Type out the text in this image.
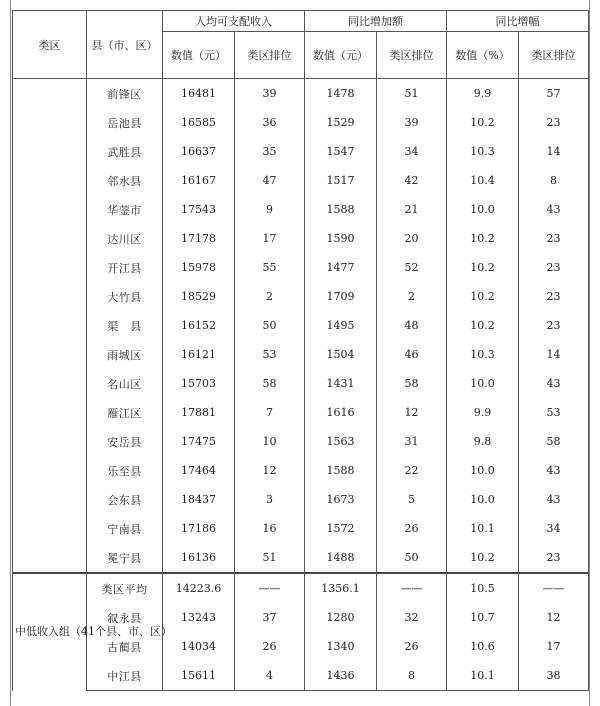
类区	县（市、区）	人均可支配收入		同比增加额		同比增幅	
		数值（元）	类区排位	数值（元）	类区排位	数值（%）	类区排位
	前锋区	16481	39	1478	51	9.9	57
	岳池县	16585	36	1529	39	10.2	23
	武胜县	16637	35	1547	34	10.3	14
	邻水县	16167	47	1517	42	10.4	8
	华蓥市	17543	9	1588	21	10.0	43
	达川区	17178	17	1590	20	10.2	23
	开江县	15978	55	1477	52	10.2	23
	大竹县	18529	2	1709	2	10.2	23
	渠　县	16152	50	1495	48	10.2	23
	雨城区	16121	53	1504	46	10.3	14
	名山区	15703	58	1431	58	10.0	43
	雁江区	17881	7	1616	12	9.9	53
	安岳县	17475	10	1563	31	9.8	58
	乐至县	17464	12	1588	22	10.0	43
	会东县	18437	3	1673	5	10.0	43
	宁南县	17186	16	1572	26	10.1	34
	冕宁县	16136	51	1488	50	10.2	23
中低收入组（41个县、市、区）	类区平均	14223.6	——	1356.1	——	10.5	——
	叙永县	13243	37	1280	32	10.7	12
	古蔺县	14034	26	1340	26	10.6	17
	中江县	15611	4	1436	8	10.1	38
